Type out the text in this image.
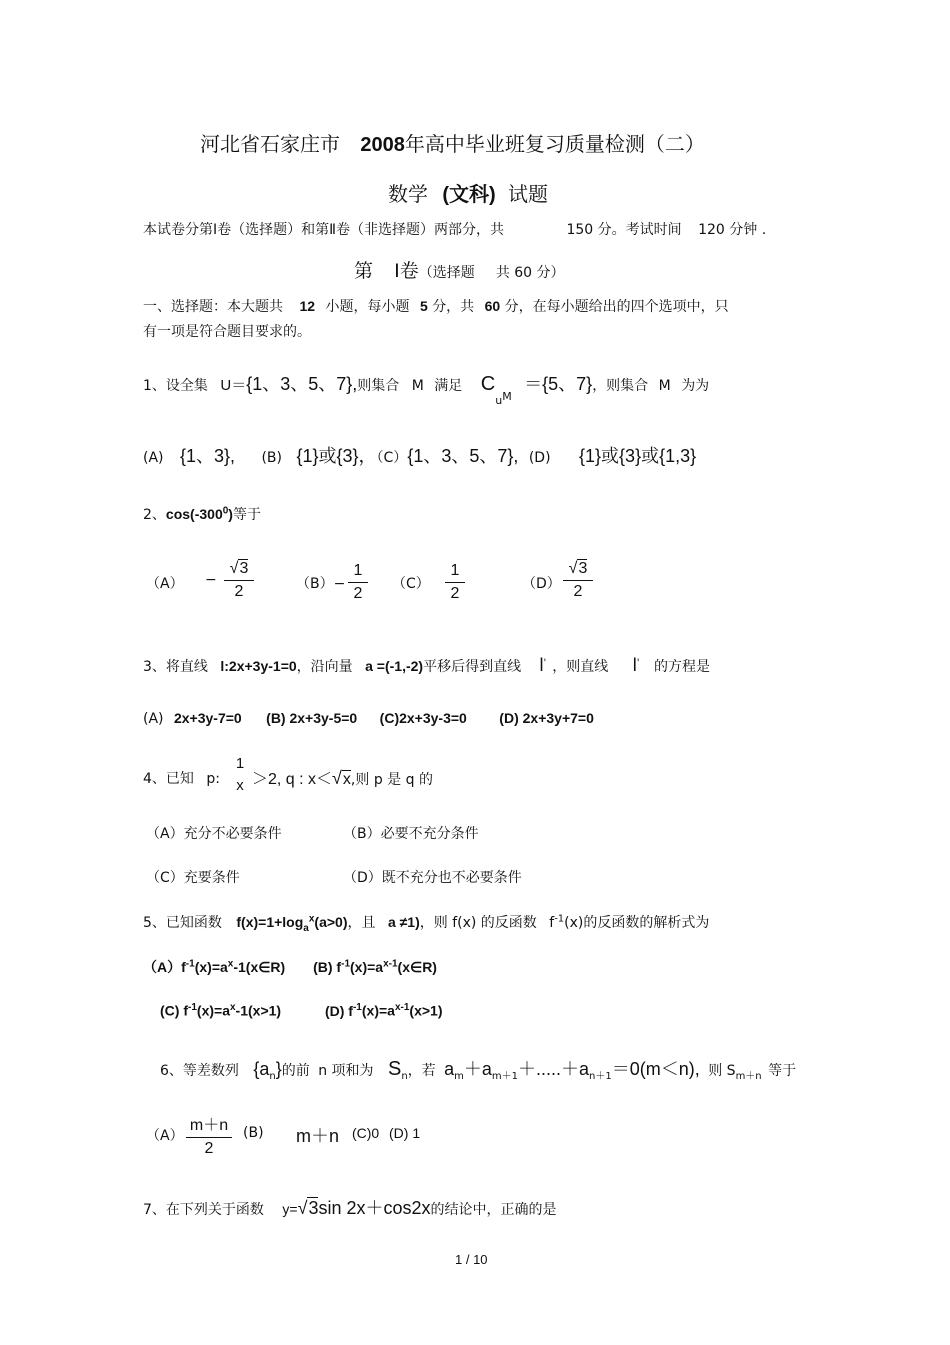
河北省石家庄市 2008年高中毕业班复习质量检测（二）
数学 (文科) 试题
本试卷分第Ⅰ卷（选择题）和第Ⅱ卷（非选择题）两部分，共	150 分。考试时间 120 分钟 .
第 Ⅰ卷（选择题 共 60 分）
一、选择题：本大题共 12 小题，每小题 5 分，共 60 分，在每小题给出的四个选项中，只
有一项是符合题目要求的。
1、设全集 U＝{1、3、5、7},则集合 M 满足 $C_{uM} =\{5$、7}，则集合 M 为为
(A) {1、3}, (B) {1}或{3}，（C）{1、3、5、7}, (D) {1}或{3}或{1,3}
2、$\cos(-300^0)$等于
（A） −
√3
2	（B）−
1
2
（C）
1
2
（D）
√3
2
3、将直线 l:2x+3y-1=0，沿向量 a =(-1,-2)平移后得到直线 l' ，则直线 l' 的方程是
(A) 2x+3y-7=0 (B) 2x+3y-5=0 (C)2x+3y-3=0 (D) 2x+3y+7=0
4、已知 p:
1
x ＞2, q : x＜√x,则 p 是 q 的
（A）充分不必要条件	（B）必要不充分条件
（C）充要条件	（D）既不充分也不必要条件
5、已知函数 $f(x)=1+\log_a^x(a>0)$，且 a ≠1)，则 f(x) 的反函数 $f^{-1}(x)$的反函数的解析式为
$(A)f^{-1}(x)=a^x-1(x\in R)$ (B) $f^{-1}(x)=a^{x-1}(x\in R)$
(C) $f^{-1}(x)=a^x-1(x>1)$	(D) $f^{-1}(x)=a^{x-1}(x>1)$
6、等差数列 $\{a_n\}$的前 n 项和为 $S_n$，若 $a_m+a_{m+1}+.....+a_{n+1}=0(m<n)$, 则 $S_{m+n}$ 等于
（A）
m＋n
2
(B) m＋n (C)0 (D) 1
7、在下列关于函数 y=√3sin 2x＋cos2x的结论中，正确的是
1 / 10
